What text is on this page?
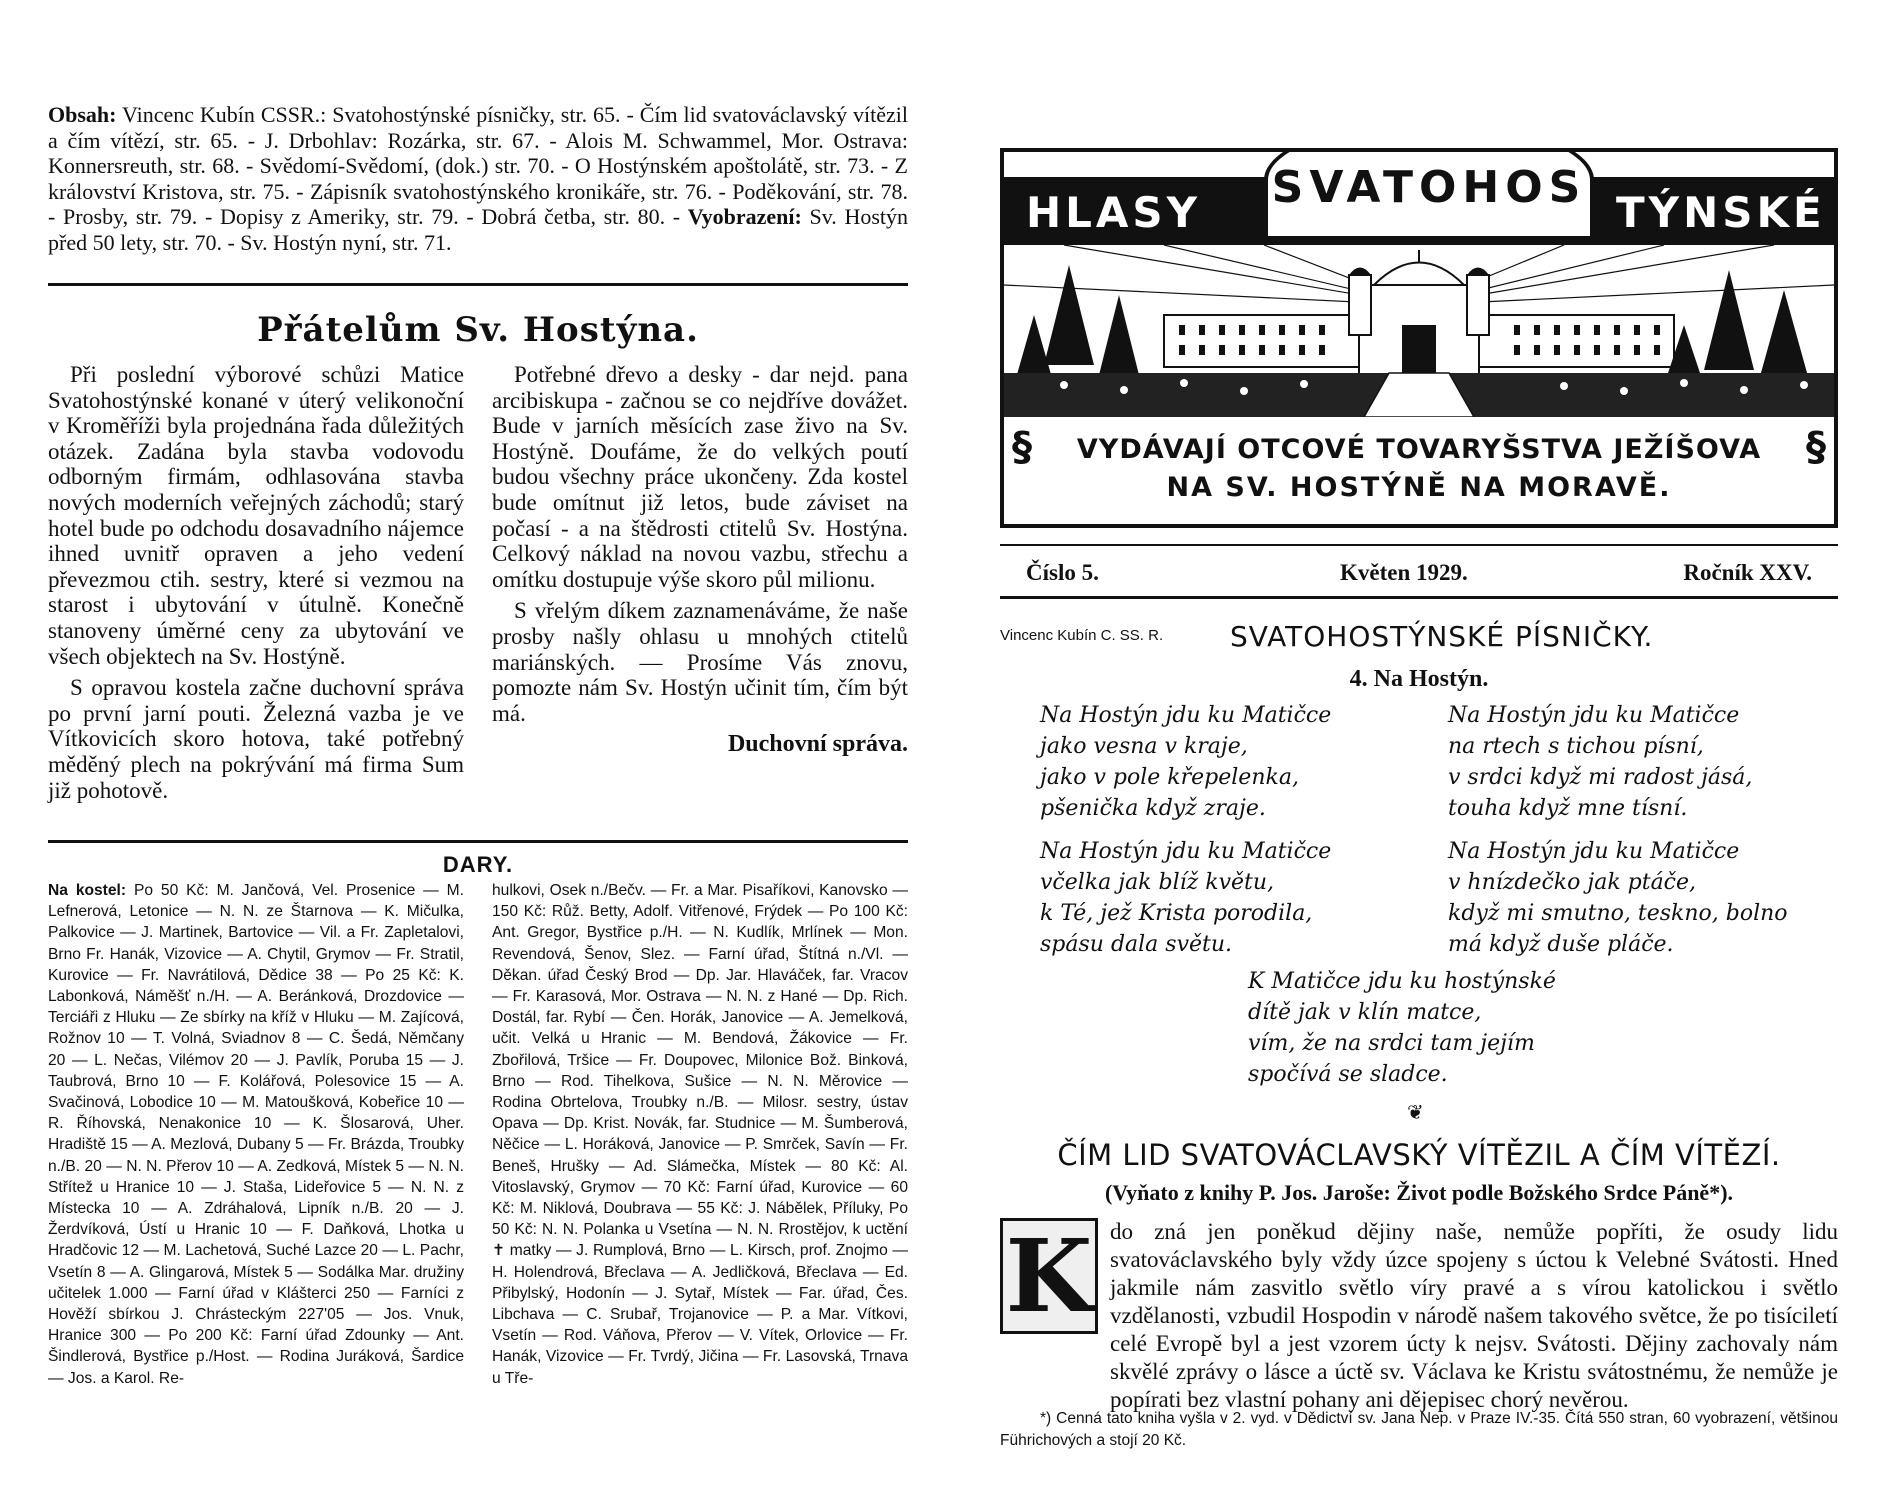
Obsah: Vincenc Kubín CSSR.: Svatohostýnské písničky, str. 65. - Čím lid svatováclavský vítězil a čím vítězí, str. 65. - J. Drbohlav: Rozárka, str. 67. - Alois M. Schwammel, Mor. Ostrava: Konnersreuth, str. 68. - Svědomí-Svědomí, (dok.) str. 70. - O Hostýnském apoštolátě, str. 73. - Z království Kristova, str. 75. - Zápisník svatohostýnského kronikáře, str. 76. - Poděkování, str. 78. - Prosby, str. 79. - Dopisy z Ameriky, str. 79. - Dobrá četba, str. 80. - Vyobrazení: Sv. Hostýn před 50 lety, str. 70. - Sv. Hostýn nyní, str. 71.
Přátelům Sv. Hostýna.

Při poslední výborové schůzi Matice Svatohostýnské konané v úterý velikonoční v Kroměříži byla projednána řada důležitých otázek. Zadána byla stavba vodovodu odborným firmám, odhlasována stavba nových moderních veřejných záchodů; starý hotel bude po odchodu dosavadního nájemce ihned uvnitř opraven a jeho vedení převezmou ctih. sestry, které si vezmou na starost i ubytování v útulně. Konečně stanoveny úměrné ceny za ubytování ve všech objektech na Sv. Hostýně.

S opravou kostela začne duchovní správa po první jarní pouti. Železná vazba je ve Vítkovicích skoro hotova, také potřebný měděný plech na pokrývání má firma Sum již pohotově.

Potřebné dřevo a desky - dar nejd. pana arcibiskupa - začnou se co nejdříve dovážet. Bude v jarních měsících zase živo na Sv. Hostýně. Doufáme, že do velkých poutí budou všechny práce ukončeny. Zda kostel bude omítnut již letos, bude záviset na počasí - a na štědrosti ctitelů Sv. Hostýna. Celkový náklad na novou vazbu, střechu a omítku dostupuje výše skoro půl milionu.

S vřelým díkem zaznamenáváme, že naše prosby našly ohlasu u mnohých ctitelů mariánských. — Prosíme Vás znovu, pomozte nám Sv. Hostýn učinit tím, čím být má.

Duchovní správa.
DARY.
Na kostel: Po 50 Kč: M. Jančová, Vel. Prosenice — M. Lefnerová, Letonice — N. N. ze Štarnova — K. Mičulka, Palkovice — J. Martinek, Bartovice — Vil. a Fr. Zapletalovi, Brno Fr. Hanák, Vizovice — A. Chytil, Grymov — Fr. Stratil, Kurovice — Fr. Navrátilová, Dědice 38 — Po 25 Kč: K. Labonková, Náměšť n./H. — A. Beránková, Drozdovice — Terciáři z Hluku — Ze sbírky na kříž v Hluku — M. Zajícová, Rožnov 10 — T. Volná, Sviadnov 8 — C. Šedá, Němčany 20 — L. Nečas, Vilémov 20 — J. Pavlík, Poruba 15 — J. Taubrová, Brno 10 — F. Kolářová, Polesovice 15 — A. Svačinová, Lobodice 10 — M. Matoušková, Kobeřice 10 — R. Říhovská, Nenakonice 10 — K. Šlosarová, Uher. Hradiště 15 — A. Mezlová, Dubany 5 — Fr. Brázda, Troubky n./B. 20 — N. N. Přerov 10 — A. Zedková, Místek 5 — N. N. Střítež u Hranice 10 — J. Staša, Lideřovice 5 — N. N. z Místecka 10 — A. Zdráhalová, Lipník n./B. 20 — J. Žerdvíková, Ústí u Hranic 10 — F. Daňková, Lhotka u Hradčovic 12 — M. Lachetová, Suché Lazce 20 — L. Pachr, Vsetín 8 — A. Glingarová, Místek 5 — Sodálka Mar. družiny učitelek 1.000 — Farní úřad v Klášterci 250 — Farníci z Hověží sbírkou J. Chrásteckým 227'05 — Jos. Vnuk, Hranice 300 — Po 200 Kč: Farní úřad Zdounky — Ant. Šindlerová, Bystřice p./Host. — Rodina Juráková, Šardice — Jos. a Karol. Re-
hulkovi, Osek n./Bečv. — Fr. a Mar. Pisaříkovi, Kanovsko — 150 Kč: Růž. Betty, Adolf. Vitřenové, Frýdek — Po 100 Kč: Ant. Gregor, Bystřice p./H. — N. Kudlík, Mrlínek — Mon. Revendová, Šenov, Slez. — Farní úřad, Štítná n./Vl. — Děkan. úřad Český Brod — Dp. Jar. Hlaváček, far. Vracov — Fr. Karasová, Mor. Ostrava — N. N. z Hané — Dp. Rich. Dostál, far. Rybí — Čen. Horák, Janovice — A. Jemelková, učit. Velká u Hranic — M. Bendová, Žákovice — Fr. Zbořilová, Tršice — Fr. Doupovec, Milonice Bož. Binková, Brno — Rod. Tihelkova, Sušice — N. N. Měrovice — Rodina Obrtelova, Troubky n./B. — Milosr. sestry, ústav Opava — Dp. Krist. Novák, far. Studnice — M. Šumberová, Něčice — L. Horáková, Janovice — P. Smrček, Savín — Fr. Beneš, Hrušky — Ad. Slámečka, Místek — 80 Kč: Al. Vitoslavský, Grymov — 70 Kč: Farní úřad, Kurovice — 60 Kč: M. Niklová, Doubrava — 55 Kč: J. Nábělek, Příluky, Po 50 Kč: N. N. Polanka u Vsetína — N. N. Rrostějov, k uctění ✝ matky — J. Rumplová, Brno — L. Kirsch, prof. Znojmo — H. Holendrová, Břeclava — A. Jedličková, Břeclava — Ed. Přibylský, Hodonín — J. Sytař, Místek — Far. úřad, Čes. Libchava — C. Srubař, Trojanovice — P. a Mar. Vítkovi, Vsetín — Rod. Váňova, Přerov — V. Vítek, Orlovice — Fr. Hanák, Vizovice — Fr. Tvrdý, Jičina — Fr. Lasovská, Trnava u Tře-
HLASY	TÝNSKÉ
SVATOHOS
§	§
VYDÁVAJÍ OTCOVÉ TOVARYŠSTVA JEŽÍŠOVA
NA SV. HOSTÝNĚ NA MORAVĚ.
Číslo 5.	Květen 1929.	Ročník XXV.
Vincenc Kubín C. SS. R. SVATOHOSTÝNSKÉ PÍSNIČKY.
4. Na Hostýn.
Na Hostýn jdu ku Matičce
jako vesna v kraje,
jako v pole křepelenka,
pšenička když zraje.
Na Hostýn jdu ku Matičce
na rtech s tichou písní,
v srdci když mi radost jásá,
touha když mne tísní.
Na Hostýn jdu ku Matičce
včelka jak blíž květu,
k Té, jež Krista porodila,
spásu dala světu.
Na Hostýn jdu ku Matičce
v hnízdečko jak ptáče,
když mi smutno, teskno, bolno
má když duše pláče.
K Matičce jdu ku hostýnské
dítě jak v klín matce,
vím, že na srdci tam jejím
spočívá se sladce.
❦
ČÍM LID SVATOVÁCLAVSKÝ VÍTĚZIL A ČÍM VÍTĚZÍ.
(Vyňato z knihy P. Jos. Jaroše: Život podle Božského Srdce Páně*).
do zná jen poněkud dějiny naše, nemůže popříti, že osudy lidu svatováclavského byly vždy úzce spojeny s úctou k Velebné Svátosti. Hned jakmile nám zasvitlo světlo víry pravé a s vírou katolickou i světlo vzdělanosti, vzbudil Hospodin v národě našem takového světce, že po tisíciletí celé Evropě byl a jest vzorem úcty k nejsv. Svátosti. Dějiny zachovaly nám skvělé zprávy o lásce a úctě sv. Václava ke Kristu svátostnému, že nemůže je popírati bez vlastní pohany ani dějepisec chorý nevěrou.
K
*) Cenná tato kniha vyšla v 2. vyd. v Dědictví sv. Jana Nep. v Praze IV.-35. Čítá 550 stran, 60 vyobrazení, většinou Führichových a stojí 20 Kč.
